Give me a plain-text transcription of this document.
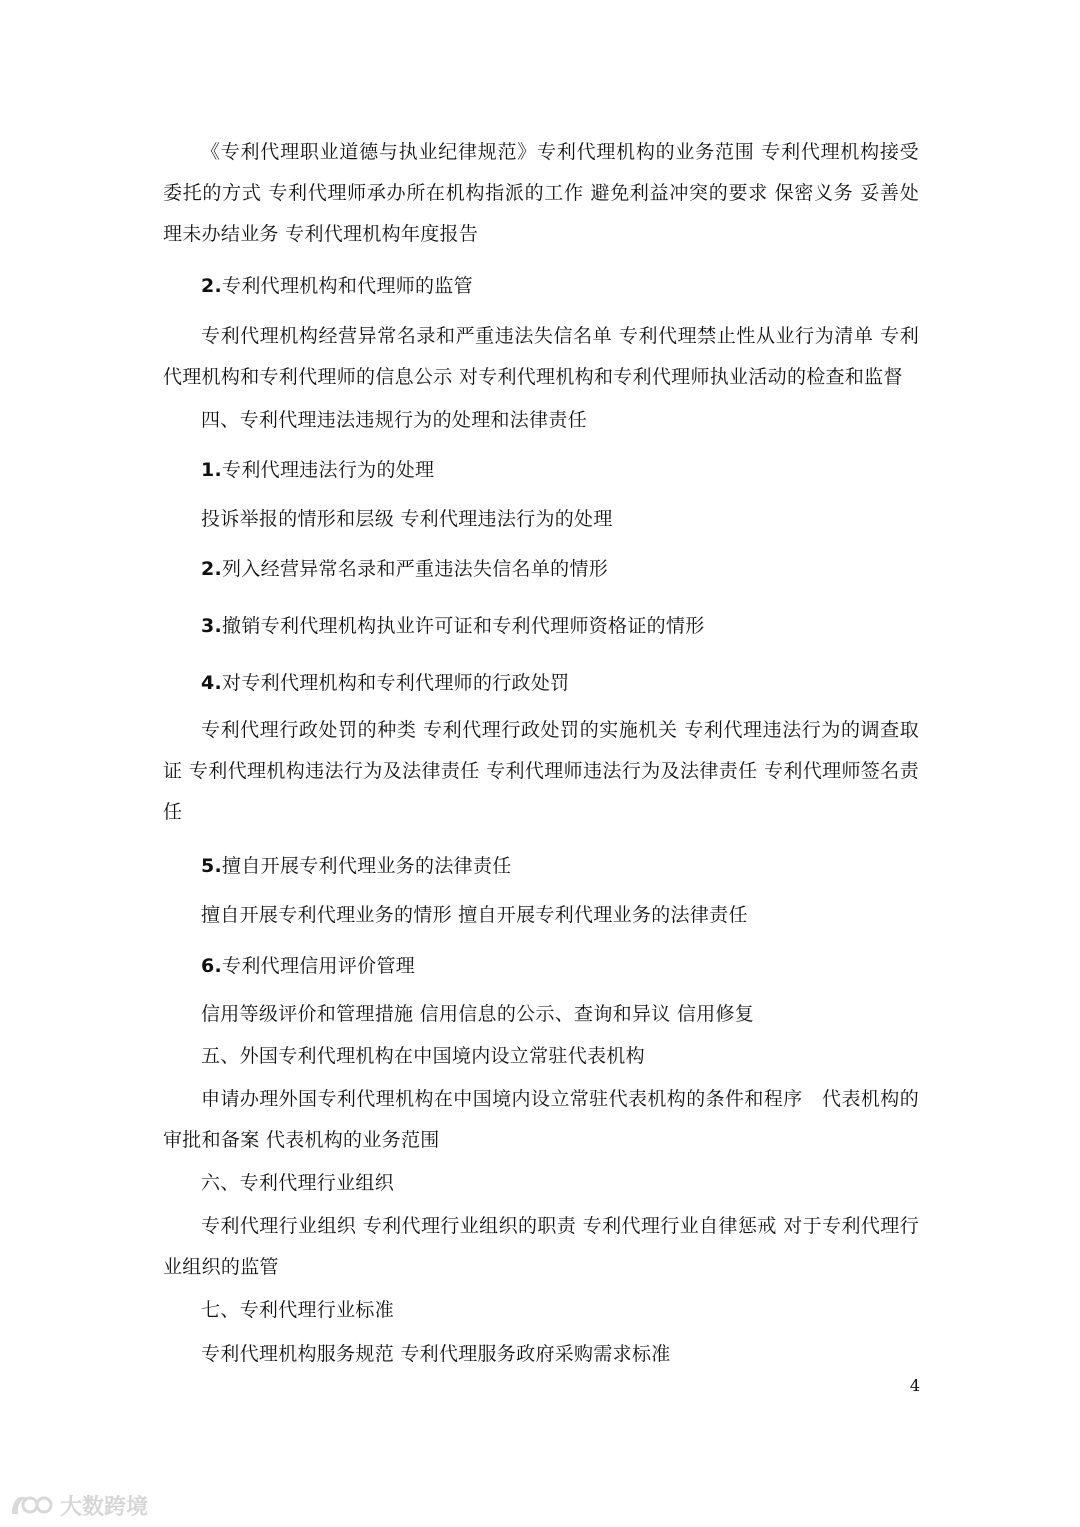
《专利代理职业道德与执业纪律规范》专利代理机构的业务范围 专利代理机构接受委托的方式 专利代理师承办所在机构指派的工作 避免利益冲突的要求 保密义务 妥善处理未办结业务 专利代理机构年度报告

2.专利代理机构和代理师的监管

专利代理机构经营异常名录和严重违法失信名单 专利代理禁止性从业行为清单 专利代理机构和专利代理师的信息公示 对专利代理机构和专利代理师执业活动的检查和监督

四、专利代理违法违规行为的处理和法律责任

1.专利代理违法行为的处理

投诉举报的情形和层级 专利代理违法行为的处理

2.列入经营异常名录和严重违法失信名单的情形

3.撤销专利代理机构执业许可证和专利代理师资格证的情形

4.对专利代理机构和专利代理师的行政处罚

专利代理行政处罚的种类 专利代理行政处罚的实施机关 专利代理违法行为的调查取证 专利代理机构违法行为及法律责任 专利代理师违法行为及法律责任 专利代理师签名责任

5.擅自开展专利代理业务的法律责任

擅自开展专利代理业务的情形 擅自开展专利代理业务的法律责任

6.专利代理信用评价管理

信用等级评价和管理措施 信用信息的公示、查询和异议 信用修复

五、外国专利代理机构在中国境内设立常驻代表机构

申请办理外国专利代理机构在中国境内设立常驻代表机构的条件和程序　代表机构的审批和备案 代表机构的业务范围

六、专利代理行业组织

专利代理行业组织 专利代理行业组织的职责 专利代理行业自律惩戒 对于专利代理行业组织的监管

七、专利代理行业标准

专利代理机构服务规范 专利代理服务政府采购需求标准

4
大数跨境
